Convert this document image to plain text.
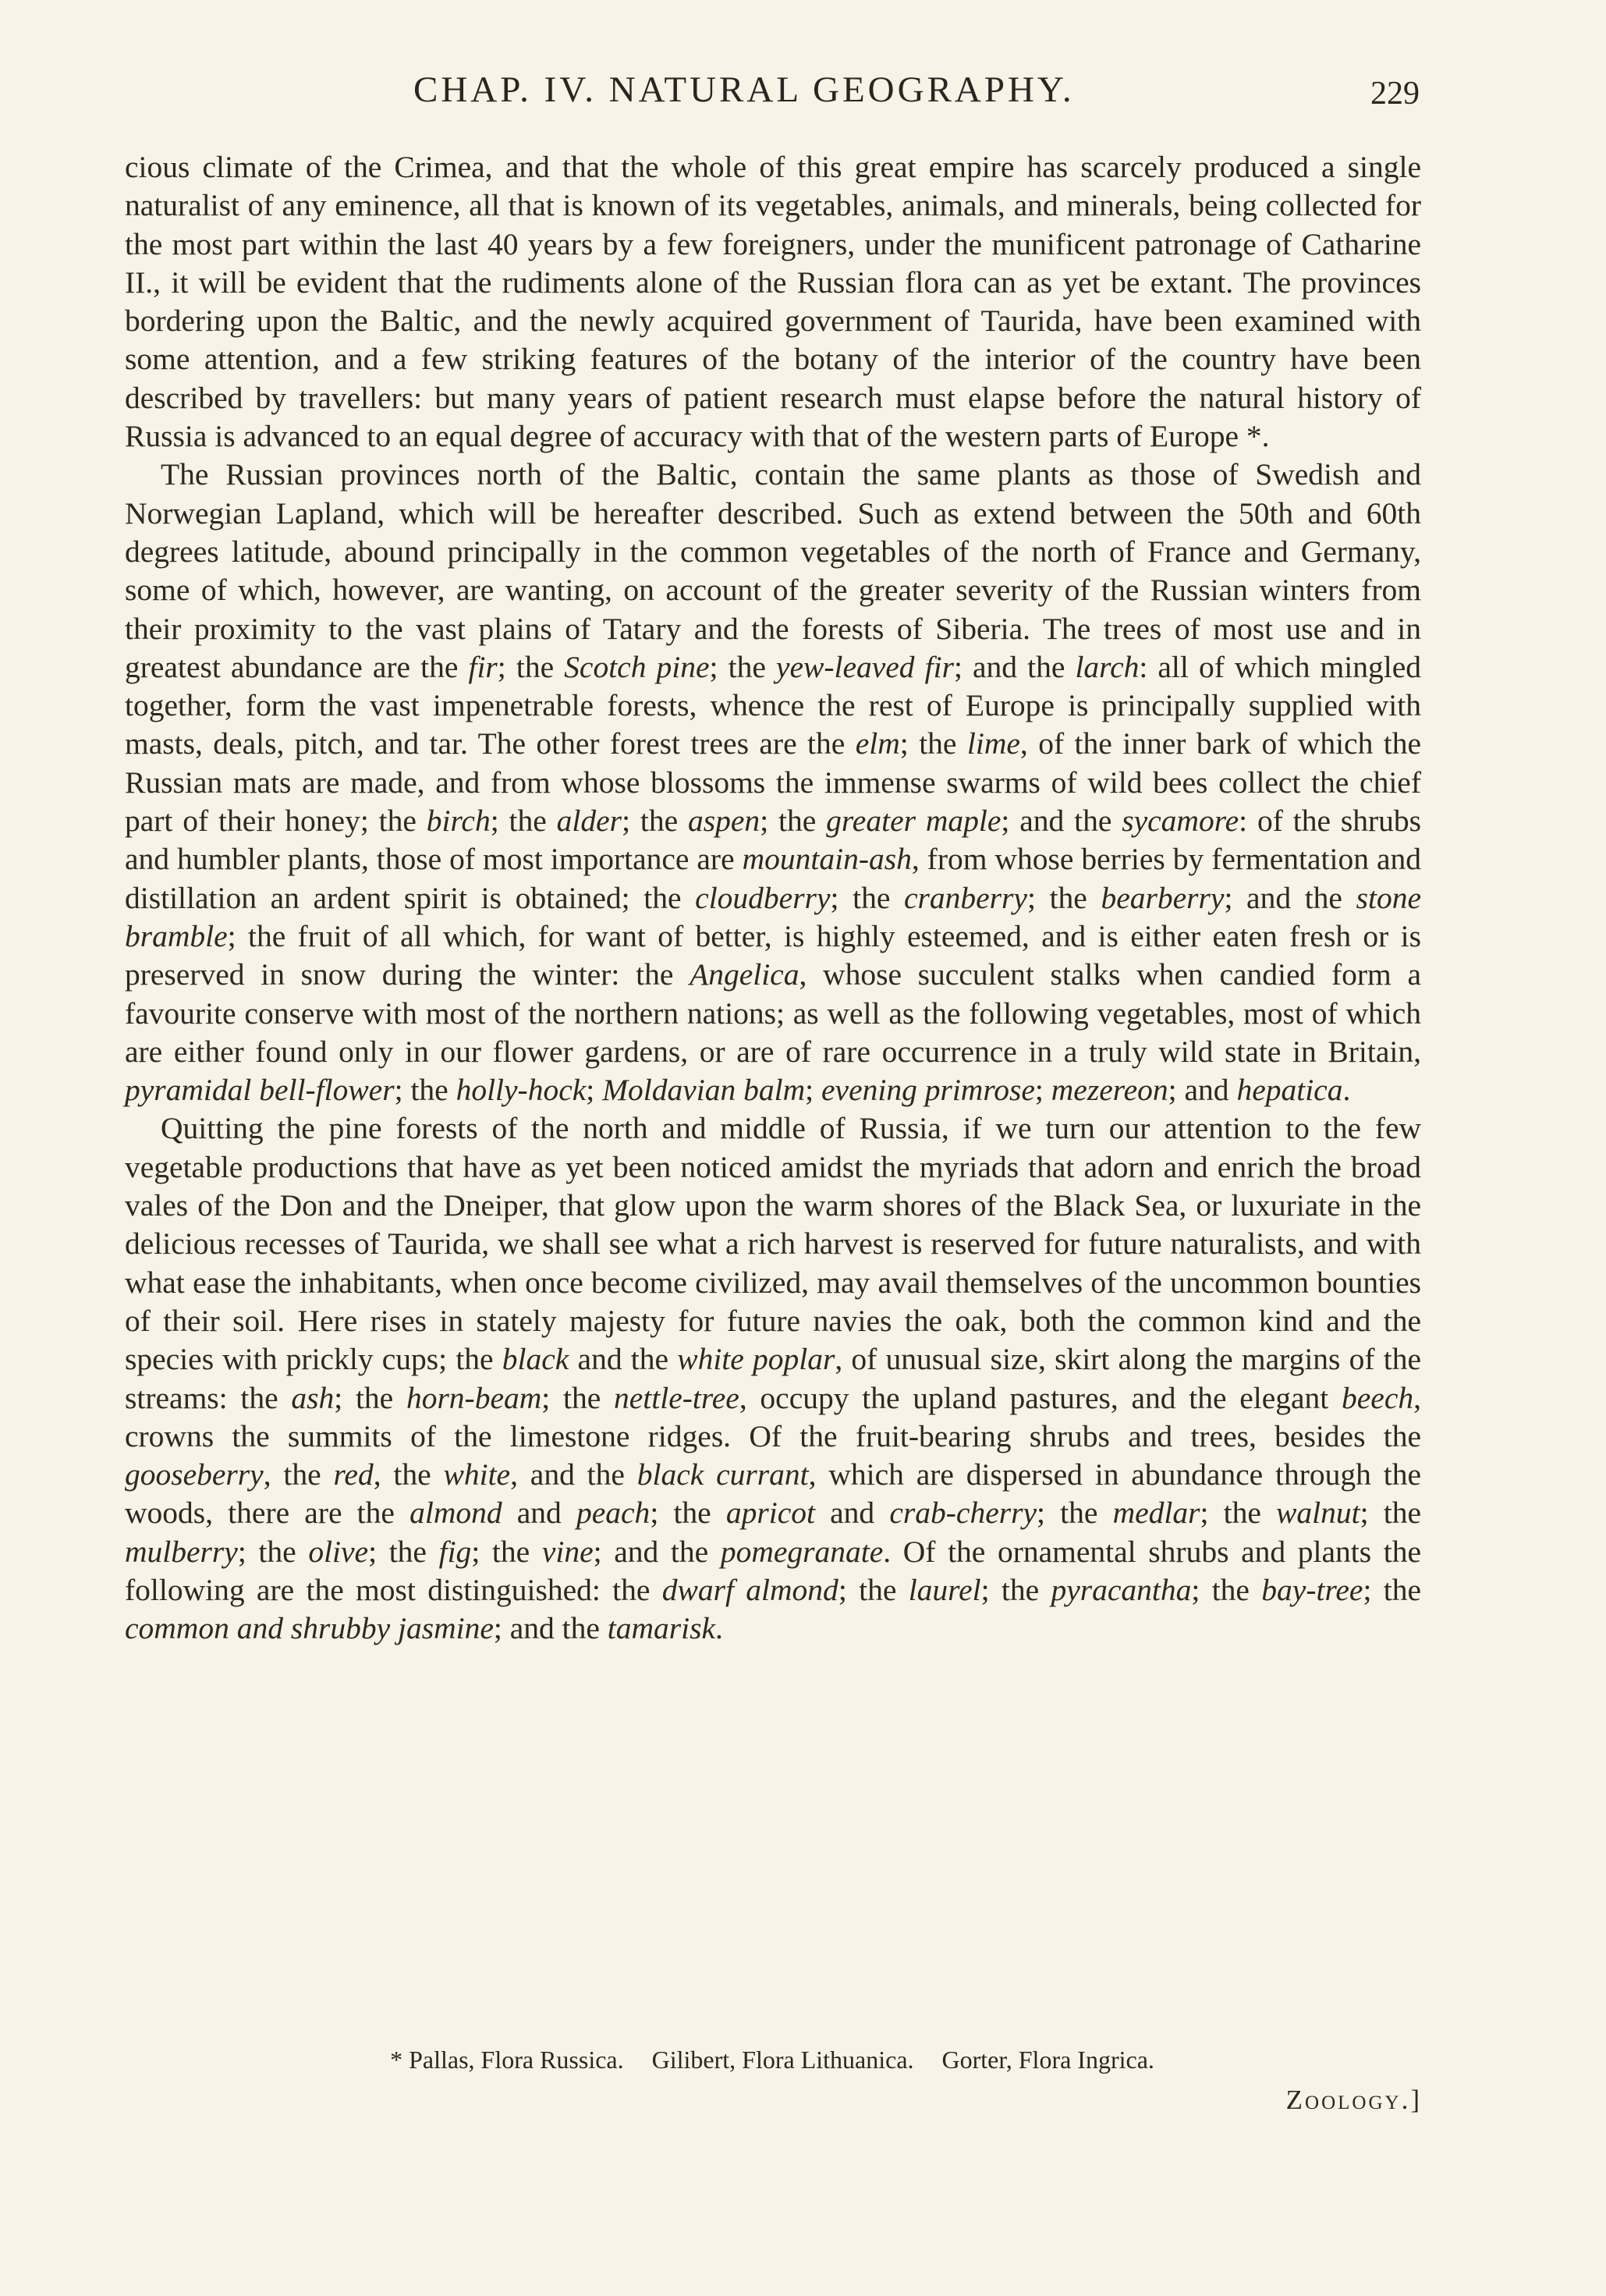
CHAP. IV. NATURAL GEOGRAPHY.	229

cious climate of the Crimea, and that the whole of this great empire has scarcely produced a single naturalist of any eminence, all that is known of its vegetables, animals, and minerals, being collected for the most part within the last 40 years by a few foreigners, under the munificent patronage of Catharine II., it will be evident that the rudiments alone of the Russian flora can as yet be extant. The provinces bordering upon the Baltic, and the newly acquired government of Taurida, have been examined with some attention, and a few striking features of the botany of the interior of the country have been described by travellers: but many years of patient research must elapse before the natural history of Russia is advanced to an equal degree of accuracy with that of the western parts of Europe *.

The Russian provinces north of the Baltic, contain the same plants as those of Swedish and Norwegian Lapland, which will be hereafter described. Such as extend between the 50th and 60th degrees latitude, abound principally in the common vegetables of the north of France and Germany, some of which, however, are wanting, on account of the greater severity of the Russian winters from their proximity to the vast plains of Tatary and the forests of Siberia. The trees of most use and in greatest abundance are the fir; the Scotch pine; the yew-leaved fir; and the larch: all of which mingled together, form the vast impenetrable forests, whence the rest of Europe is principally supplied with masts, deals, pitch, and tar. The other forest trees are the elm; the lime, of the inner bark of which the Russian mats are made, and from whose blossoms the immense swarms of wild bees collect the chief part of their honey; the birch; the alder; the aspen; the greater maple; and the sycamore: of the shrubs and humbler plants, those of most importance are mountain-ash, from whose berries by fermentation and distillation an ardent spirit is obtained; the cloudberry; the cranberry; the bearberry; and the stone bramble; the fruit of all which, for want of better, is highly esteemed, and is either eaten fresh or is preserved in snow during the winter: the Angelica, whose succulent stalks when candied form a favourite conserve with most of the northern nations; as well as the following vegetables, most of which are either found only in our flower gardens, or are of rare occurrence in a truly wild state in Britain, pyramidal bell-flower; the holly-hock; Moldavian balm; evening primrose; mezereon; and hepatica.

Quitting the pine forests of the north and middle of Russia, if we turn our attention to the few vegetable productions that have as yet been noticed amidst the myriads that adorn and enrich the broad vales of the Don and the Dneiper, that glow upon the warm shores of the Black Sea, or luxuriate in the delicious recesses of Taurida, we shall see what a rich harvest is reserved for future naturalists, and with what ease the inhabitants, when once become civilized, may avail themselves of the uncommon bounties of their soil. Here rises in stately majesty for future navies the oak, both the common kind and the species with prickly cups; the black and the white poplar, of unusual size, skirt along the margins of the streams: the ash; the horn-beam; the nettle-tree, occupy the upland pastures, and the elegant beech, crowns the summits of the limestone ridges. Of the fruit-bearing shrubs and trees, besides the gooseberry, the red, the white, and the black currant, which are dispersed in abundance through the woods, there are the almond and peach; the apricot and crab-cherry; the medlar; the walnut; the mulberry; the olive; the fig; the vine; and the pomegranate. Of the ornamental shrubs and plants the following are the most distinguished: the dwarf almond; the laurel; the pyracantha; the bay-tree; the common and shrubby jasmine; and the tamarisk.

* Pallas, Flora Russica. Gilibert, Flora Lithuanica. Gorter, Flora Ingrica.
Zoology.]
